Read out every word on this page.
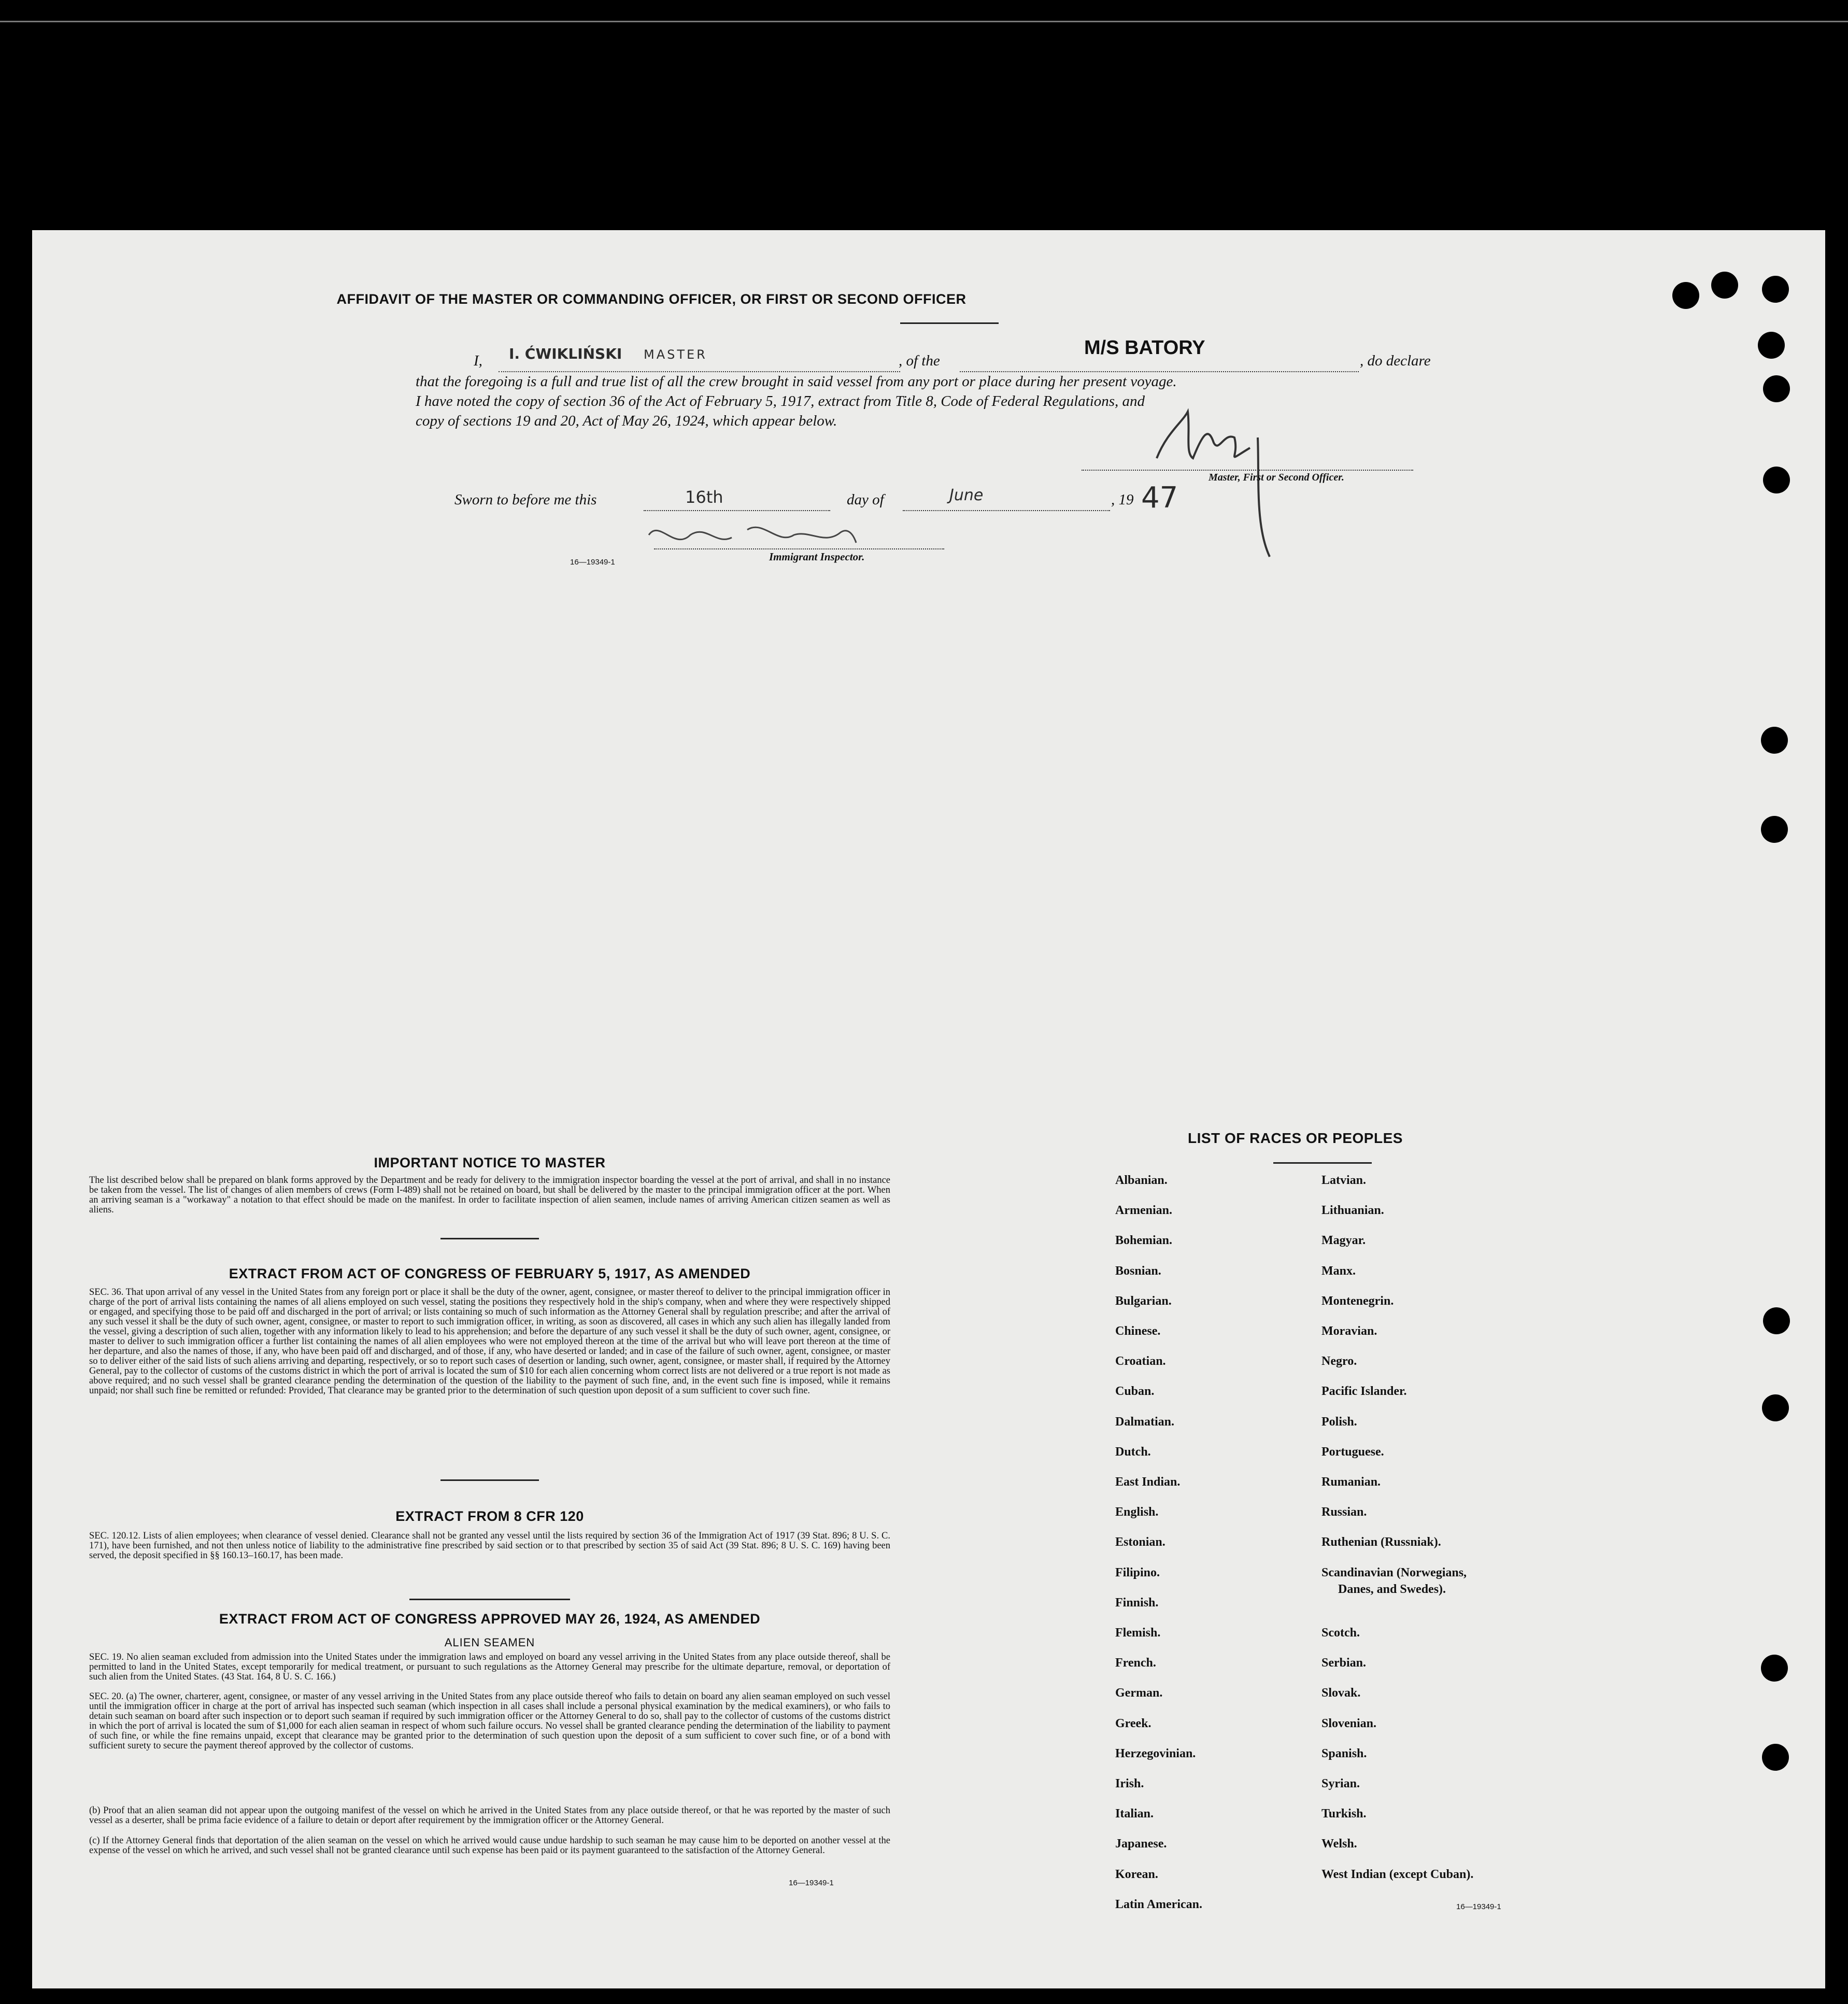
AFFIDAVIT OF THE MASTER OR COMMANDING OFFICER, OR FIRST OR SECOND OFFICER
I, I. ĆWIKLIŃSKI MASTER	, of the
M/S BATORY
, do declare
that the foregoing is a full and true list of all the crew brought in said vessel from any port or place during her present voyage.
I have noted the copy of section 36 of the Act of February 5, 1917, extract from Title 8, Code of Federal Regulations, and
copy of sections 19 and 20, Act of May 26, 1924, which appear below.
Master, First or Second Officer.
Sworn to before me this	16th	day of	June	, 19 47
Immigrant Inspector.
16—19349-1
IMPORTANT NOTICE TO MASTER
The list described below shall be prepared on blank forms approved by the Department and be ready for delivery to the immigration inspector boarding the vessel at the port of arrival, and shall in no instance be taken from the vessel. The list of changes of alien members of crews (Form I-489) shall not be retained on board, but shall be delivered by the master to the principal immigration officer at the port. When an arriving seaman is a "workaway" a notation to that effect should be made on the manifest. In order to facilitate inspection of alien seamen, include names of arriving American citizen seamen as well as aliens.
EXTRACT FROM ACT OF CONGRESS OF FEBRUARY 5, 1917, AS AMENDED
SEC. 36. That upon arrival of any vessel in the United States from any foreign port or place it shall be the duty of the owner, agent, consignee, or master thereof to deliver to the principal immigration officer in charge of the port of arrival lists containing the names of all aliens employed on such vessel, stating the positions they respectively hold in the ship's company, when and where they were respectively shipped or engaged, and specifying those to be paid off and discharged in the port of arrival; or lists containing so much of such information as the Attorney General shall by regulation prescribe; and after the arrival of any such vessel it shall be the duty of such owner, agent, consignee, or master to report to such immigration officer, in writing, as soon as discovered, all cases in which any such alien has illegally landed from the vessel, giving a description of such alien, together with any information likely to lead to his apprehension; and before the departure of any such vessel it shall be the duty of such owner, agent, consignee, or master to deliver to such immigration officer a further list containing the names of all alien employees who were not employed thereon at the time of the arrival but who will leave port thereon at the time of her departure, and also the names of those, if any, who have been paid off and discharged, and of those, if any, who have deserted or landed; and in case of the failure of such owner, agent, consignee, or master so to deliver either of the said lists of such aliens arriving and departing, respectively, or so to report such cases of desertion or landing, such owner, agent, consignee, or master shall, if required by the Attorney General, pay to the collector of customs of the customs district in which the port of arrival is located the sum of $10 for each alien concerning whom correct lists are not delivered or a true report is not made as above required; and no such vessel shall be granted clearance pending the determination of the question of the liability to the payment of such fine, and, in the event such fine is imposed, while it remains unpaid; nor shall such fine be remitted or refunded: Provided, That clearance may be granted prior to the determination of such question upon deposit of a sum sufficient to cover such fine.
EXTRACT FROM 8 CFR 120
SEC. 120.12. Lists of alien employees; when clearance of vessel denied. Clearance shall not be granted any vessel until the lists required by section 36 of the Immigration Act of 1917 (39 Stat. 896; 8 U. S. C. 171), have been furnished, and not then unless notice of liability to the administrative fine prescribed by said section or to that prescribed by section 35 of said Act (39 Stat. 896; 8 U. S. C. 169) having been served, the deposit specified in §§ 160.13–160.17, has been made.
EXTRACT FROM ACT OF CONGRESS APPROVED MAY 26, 1924, AS AMENDED
ALIEN SEAMEN
SEC. 19. No alien seaman excluded from admission into the United States under the immigration laws and employed on board any vessel arriving in the United States from any place outside thereof, shall be permitted to land in the United States, except temporarily for medical treatment, or pursuant to such regulations as the Attorney General may prescribe for the ultimate departure, removal, or deportation of such alien from the United States. (43 Stat. 164, 8 U. S. C. 166.)
SEC. 20. (a) The owner, charterer, agent, consignee, or master of any vessel arriving in the United States from any place outside thereof who fails to detain on board any alien seaman employed on such vessel until the immigration officer in charge at the port of arrival has inspected such seaman (which inspection in all cases shall include a personal physical examination by the medical examiners), or who fails to detain such seaman on board after such inspection or to deport such seaman if required by such immigration officer or the Attorney General to do so, shall pay to the collector of customs of the customs district in which the port of arrival is located the sum of $1,000 for each alien seaman in respect of whom such failure occurs. No vessel shall be granted clearance pending the determination of the liability to payment of such fine, or while the fine remains unpaid, except that clearance may be granted prior to the determination of such question upon the deposit of a sum sufficient to cover such fine, or of a bond with sufficient surety to secure the payment thereof approved by the collector of customs.
(b) Proof that an alien seaman did not appear upon the outgoing manifest of the vessel on which he arrived in the United States from any place outside thereof, or that he was reported by the master of such vessel as a deserter, shall be prima facie evidence of a failure to detain or deport after requirement by the immigration officer or the Attorney General.
(c) If the Attorney General finds that deportation of the alien seaman on the vessel on which he arrived would cause undue hardship to such seaman he may cause him to be deported on another vessel at the expense of the vessel on which he arrived, and such vessel shall not be granted clearance until such expense has been paid or its payment guaranteed to the satisfaction of the Attorney General.
16—19349-1
LIST OF RACES OR PEOPLES
Albanian.
Armenian.
Bohemian.
Bosnian.
Bulgarian.
Chinese.
Croatian.
Cuban.
Dalmatian.
Dutch.
East Indian.
English.
Estonian.
Filipino.
Finnish.
Flemish.
French.
German.
Greek.
Herzegovinian.
Irish.
Italian.
Japanese.
Korean.
Latin American.
Latvian.
Lithuanian.
Magyar.
Manx.
Montenegrin.
Moravian.
Negro.
Pacific Islander.
Polish.
Portuguese.
Rumanian.
Russian.
Ruthenian (Russniak).
Scandinavian (Norwegians,
Danes, and Swedes).
Scotch.
Serbian.
Slovak.
Slovenian.
Spanish.
Syrian.
Turkish.
Welsh.
West Indian (except Cuban).
16—19349-1
